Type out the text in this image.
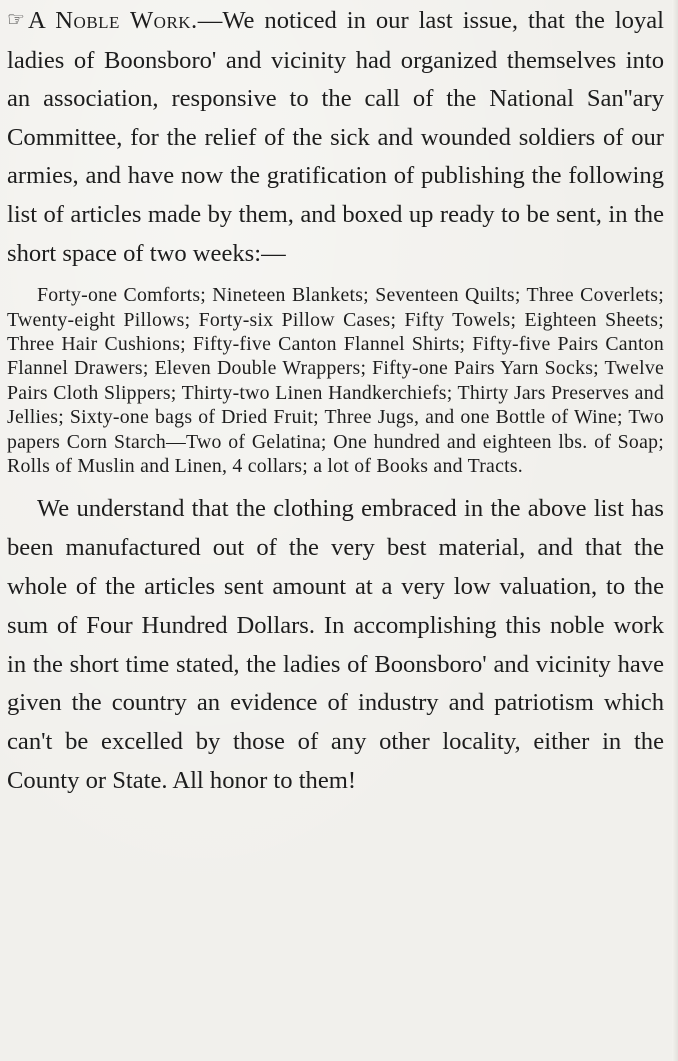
☞ A Noble Work.—We noticed in our last issue, that the loyal ladies of Boonsboro' and vicinity had organized themselves into an association, responsive to the call of the National San''ary Committee, for the relief of the sick and wounded soldiers of our armies, and have now the gratification of publishing the following list of articles made by them, and boxed up ready to be sent, in the short space of two weeks:—

Forty-one Comforts; Nineteen Blankets; Seventeen Quilts; Three Coverlets; Twenty-eight Pillows; Forty-six Pillow Cases; Fifty Towels; Eighteen Sheets; Three Hair Cushions; Fifty-five Canton Flannel Shirts; Fifty-five Pairs Canton Flannel Drawers; Eleven Double Wrappers; Fifty-one Pairs Yarn Socks; Twelve Pairs Cloth Slippers; Thirty-two Linen Handkerchiefs; Thirty Jars Preserves and Jellies; Sixty-one bags of Dried Fruit; Three Jugs, and one Bottle of Wine; Two papers Corn Starch—Two of Gelatina; One hundred and eighteen lbs. of Soap; Rolls of Muslin and Linen, 4 collars; a lot of Books and Tracts.

We understand that the clothing embraced in the above list has been manufactured out of the very best material, and that the whole of the articles sent amount at a very low valuation, to the sum of Four Hundred Dollars. In accomplishing this noble work in the short time stated, the ladies of Boonsboro' and vicinity have given the country an evidence of industry and patriotism which can't be excelled by those of any other locality, either in the County or State. All honor to them!
